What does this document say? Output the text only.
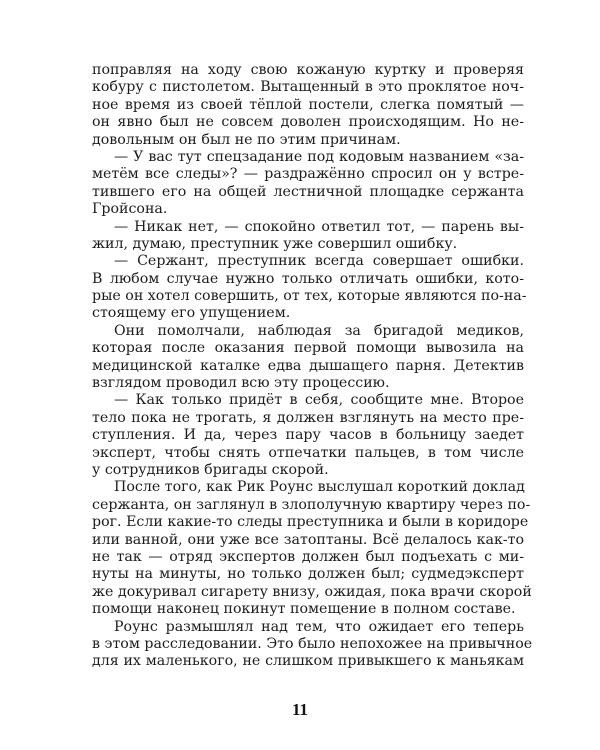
поправляя на ходу свою кожаную куртку и проверяя
кобуру с пистолетом. Вытащенный в это проклятое ноч-
ное время из своей тёплой постели, слегка помятый —
он явно был не совсем доволен происходящим. Но не-
довольным он был не по этим причинам.
— У вас тут спецзадание под кодовым названием «за-
метём все следы»? — раздражённо спросил он у встре-
тившего его на общей лестничной площадке сержанта
Гройсона.
— Никак нет, — спокойно ответил тот, — парень вы-
жил, думаю, преступник уже совершил ошибку.
— Сержант, преступник всегда совершает ошибки.
В любом случае нужно только отличать ошибки, кото-
рые он хотел совершить, от тех, которые являются по-на-
стоящему его упущением.
Они помолчали, наблюдая за бригадой медиков,
которая после оказания первой помощи вывозила на
медицинской каталке едва дышащего парня. Детектив
взглядом проводил всю эту процессию.
— Как только придёт в себя, сообщите мне. Второе
тело пока не трогать, я должен взглянуть на место пре-
ступления. И да, через пару часов в больницу заедет
эксперт, чтобы снять отпечатки пальцев, в том числе
у сотрудников бригады скорой.
После того, как Рик Роунс выслушал короткий доклад
сержанта, он заглянул в злополучную квартиру через по-
рог. Если какие-то следы преступника и были в коридоре
или ванной, они уже все затоптаны. Всё делалось как-то
не так — отряд экспертов должен был подъехать с ми-
нуты на минуты, но только должен был; судмедэксперт
же докуривал сигарету внизу, ожидая, пока врачи скорой
помощи наконец покинут помещение в полном составе.
Роунс размышлял над тем, что ожидает его теперь
в этом расследовании. Это было непохожее на привычное
для их маленького, не слишком привыкшего к маньякам
11
